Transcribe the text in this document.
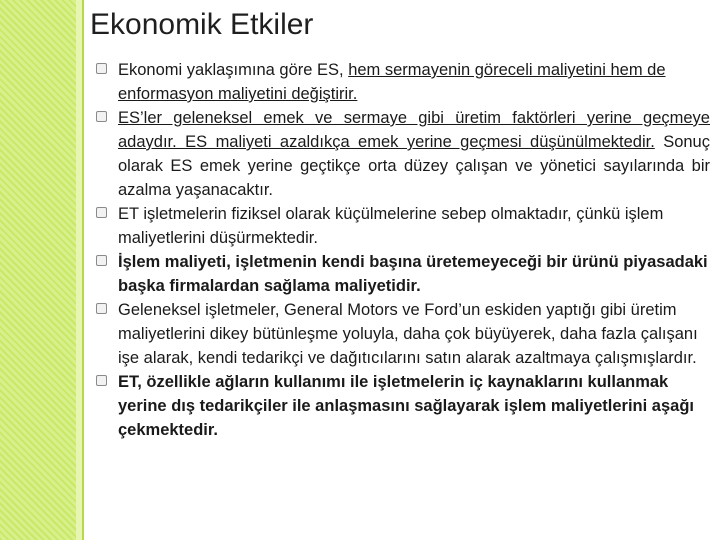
Ekonomik Etkiler
Ekonomi yaklaşımına göre ES, hem sermayenin göreceli maliyetini hem de enformasyon maliyetini değiştirir.
ES’ler geleneksel emek ve sermaye gibi üretim faktörleri yerine geçmeye adaydır. ES maliyeti azaldıkça emek yerine geçmesi düşünülmektedir. Sonuç olarak ES emek yerine geçtikçe orta düzey çalışan ve yönetici sayılarında bir azalma yaşanacaktır.
ET işletmelerin fiziksel olarak küçülmelerine sebep olmaktadır, çünkü işlem maliyetlerini düşürmektedir.
İşlem maliyeti, işletmenin kendi başına üretemeyeceği bir ürünü piyasadaki başka firmalardan sağlama maliyetidir.
Geleneksel işletmeler, General Motors ve Ford’un eskiden yaptığı gibi üretim maliyetlerini dikey bütünleşme yoluyla, daha çok büyüyerek, daha fazla çalışanı işe alarak, kendi tedarikçi ve dağıtıcılarını satın alarak azaltmaya çalışmışlardır.
ET, özellikle ağların kullanımı ile işletmelerin iç kaynaklarını kullanmak yerine dış tedarikçiler ile anlaşmasını sağlayarak işlem maliyetlerini aşağı çekmektedir.
